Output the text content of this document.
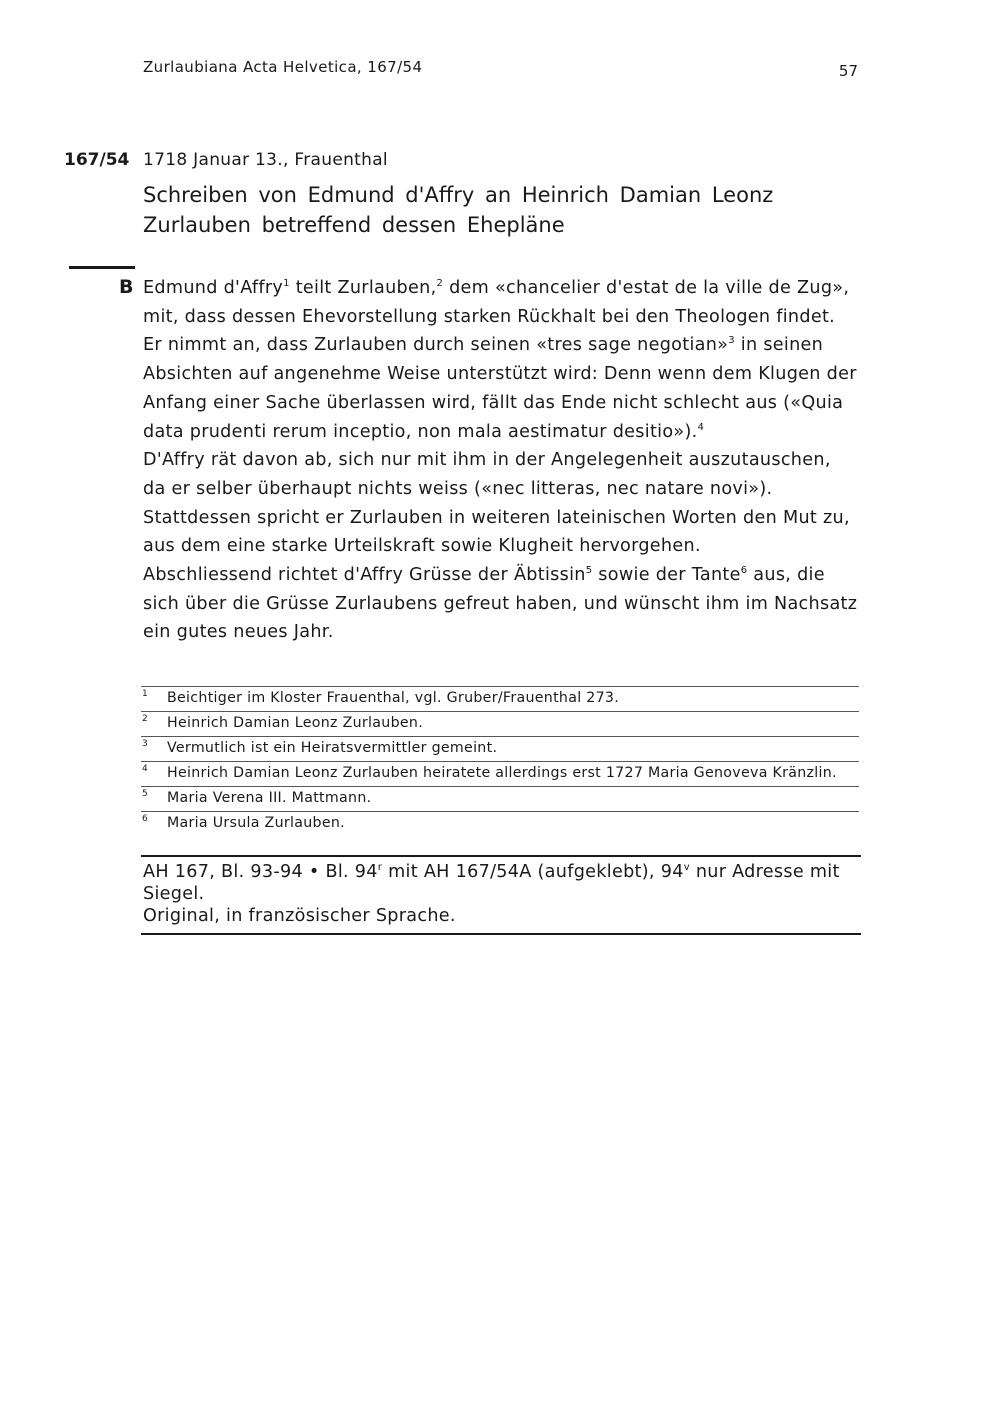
Zurlaubiana Acta Helvetica, 167/54	57
167/54 1718 Januar 13., Frauenthal
Schreiben von Edmund d'Affry an Heinrich Damian Leonz Zurlauben betreffend dessen Ehepläne
B Edmund d'Affry$^1$ teilt Zurlauben,$^2$ dem «chancelier d'estat de la ville de Zug», mit, dass dessen Ehevorstellung starken Rückhalt bei den Theologen findet. Er nimmt an, dass Zurlauben durch seinen «tres sage negotian»$^3$ in seinen Absichten auf angenehme Weise unterstützt wird: Denn wenn dem Klugen der Anfang einer Sache überlassen wird, fällt das Ende nicht schlecht aus («Quia data prudenti rerum inceptio, non mala aestimatur desitio»).$^4$

D'Affry rät davon ab, sich nur mit ihm in der Angelegenheit auszutauschen, da er selber überhaupt nichts weiss («nec litteras, nec natare novi»). Stattdessen spricht er Zurlauben in weiteren lateinischen Worten den Mut zu, aus dem eine starke Urteilskraft sowie Klugheit hervorgehen.

Abschliessend richtet d'Affry Grüsse der Äbtissin$^5$ sowie der Tante$^6$ aus, die sich über die Grüsse Zurlaubens gefreut haben, und wünscht ihm im Nachsatz ein gutes neues Jahr.

1	Beichtiger im Kloster Frauenthal, vgl. Gruber/Frauenthal 273.
2	Heinrich Damian Leonz Zurlauben.
3	Vermutlich ist ein Heiratsvermittler gemeint.
4	Heinrich Damian Leonz Zurlauben heiratete allerdings erst 1727 Maria Genoveva Kränzlin.
5	Maria Verena III. Mattmann.
6	Maria Ursula Zurlauben.

AH 167, Bl. 93-94 • Bl. 94$^r$ mit AH 167/54A (aufgeklebt), 94$^v$ nur Adresse mit Siegel.

Original, in französischer Sprache.
